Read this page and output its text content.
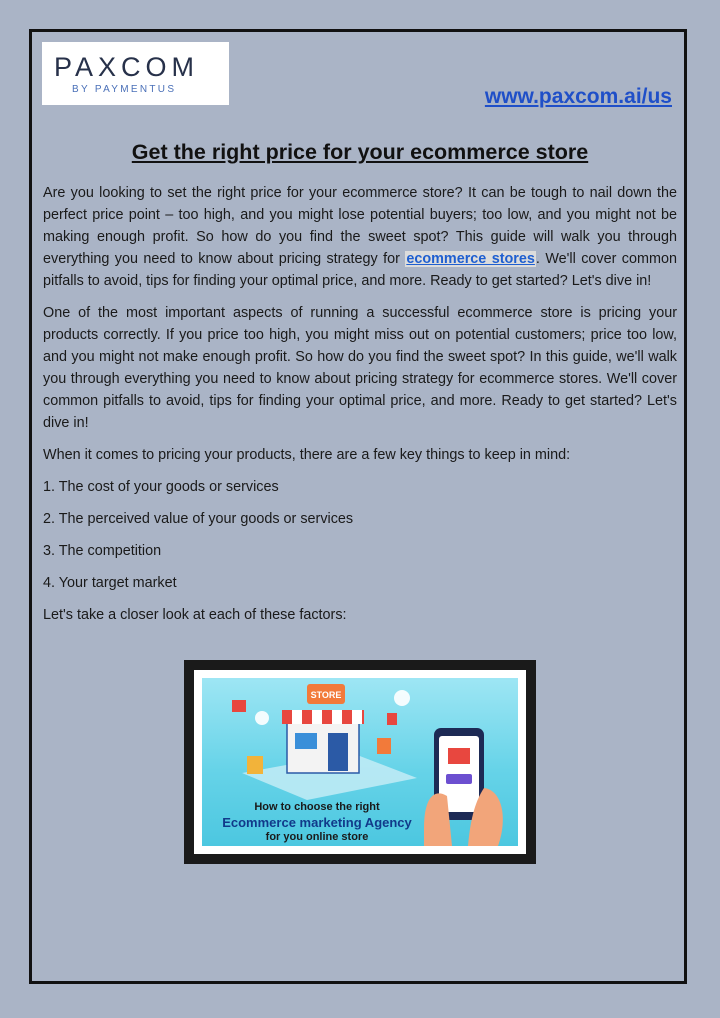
PAXCOM
BY PAYMENTUS	www.paxcom.ai/us
Get the right price for your ecommerce store

Are you looking to set the right price for your ecommerce store? It can be tough to nail down the perfect price point – too high, and you might lose potential buyers; too low, and you might not be making enough profit. So how do you find the sweet spot? This guide will walk you through everything you need to know about pricing strategy for ecommerce stores. We'll cover common pitfalls to avoid, tips for finding your optimal price, and more. Ready to get started? Let's dive in!

One of the most important aspects of running a successful ecommerce store is pricing your products correctly. If you price too high, you might miss out on potential customers; price too low, and you might not make enough profit. So how do you find the sweet spot? In this guide, we'll walk you through everything you need to know about pricing strategy for ecommerce stores. We'll cover common pitfalls to avoid, tips for finding your optimal price, and more. Ready to get started? Let's dive in!

When it comes to pricing your products, there are a few key things to keep in mind:

1. The cost of your goods or services

2. The perceived value of your goods or services

3. The competition

4. Your target market

Let's take a closer look at each of these factors:

STORE
How to choose the right
Ecommerce marketing Agency
for you online store
